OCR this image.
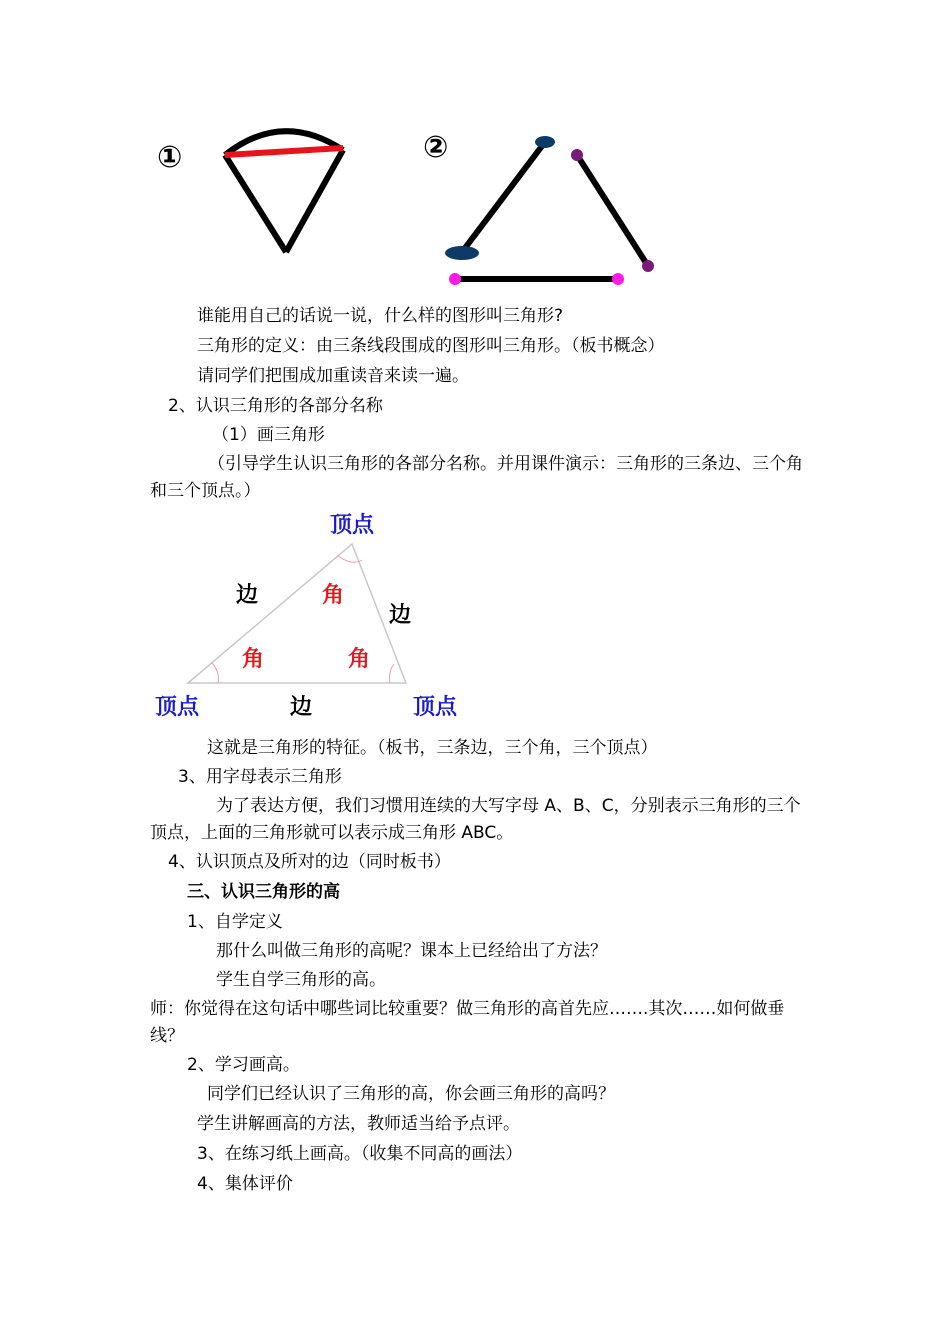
①	②
谁能用自己的话说一说，什么样的图形叫三角形?
三角形的定义：由三条线段围成的图形叫三角形。（板书概念）
请同学们把围成加重读音来读一遍。
2、认识三角形的各部分名称
（1）画三角形
（引导学生认识三角形的各部分名称。并用课件演示：三角形的三条边、三个角和三个顶点。）
顶点
边	角
边
角	角
顶点	边	顶点
这就是三角形的特征。（板书，三条边，三个角，三个顶点）
3、用字母表示三角形
为了表达方便，我们习惯用连续的大写字母 A、B、C，分别表示三角形的三个顶点，上面的三角形就可以表示成三角形 ABC。
4、认识顶点及所对的边（同时板书）
三、认识三角形的高
1、自学定义
那什么叫做三角形的高呢？课本上已经给出了方法？
学生自学三角形的高。
师：你觉得在这句话中哪些词比较重要？做三角形的高首先应…….其次……如何做垂线？
2、学习画高。
同学们已经认识了三角形的高，你会画三角形的高吗？
学生讲解画高的方法，教师适当给予点评。
3、在练习纸上画高。（收集不同高的画法）
4、集体评价
